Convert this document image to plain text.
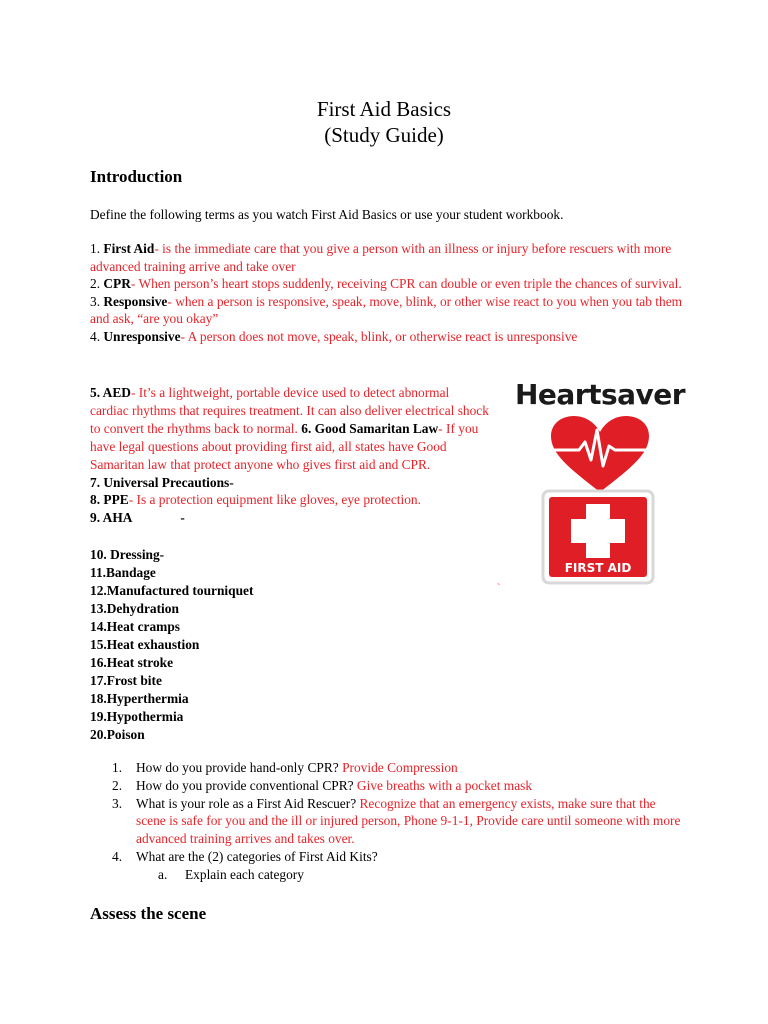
First Aid Basics
(Study Guide)
Introduction
Define the following terms as you watch First Aid Basics or use your student workbook.
1. First Aid- is the immediate care that you give a person with an illness or injury before rescuers with more advanced training arrive and take over
2. CPR- When person’s heart stops suddenly, receiving CPR can double or even triple the chances of survival.
3. Responsive- when a person is responsive, speak, move, blink, or other wise react to you when you tab them and ask, “are you okay”
4. Unresponsive- A person does not move, speak, blink, or otherwise react is unresponsive
5. AED- It’s a lightweight, portable device used to detect abnormal cardiac rhythms that requires treatment. It can also deliver electrical shock to convert the rhythms back to normal. 6. Good Samaritan Law- If you have legal questions about providing first aid, all states have Good Samaritan law that protect anyone who gives first aid and CPR.
7. Universal Precautions-
8. PPE- Is a protection equipment like gloves, eye protection.
9. AHA	-
10. Dressing-
11.Bandage
12.Manufactured tourniquet
13.Dehydration
14.Heat cramps
15.Heat exhaustion
16.Heat stroke
17.Frost bite
18.Hyperthermia
19.Hypothermia
20.Poison
1. How do you provide hand-only CPR? Provide Compression
2. How do you provide conventional CPR? Give breaths with a pocket mask
3. What is your role as a First Aid Rescuer? Recognize that an emergency exists, make sure that the scene is safe for you and the ill or injured person, Phone 9-1-1, Provide care until someone with more advanced training arrives and takes over.
4. What are the (2) categories of First Aid Kits?
a. Explain each category
Assess the scene
Heartsaver
FIRST AID
`
